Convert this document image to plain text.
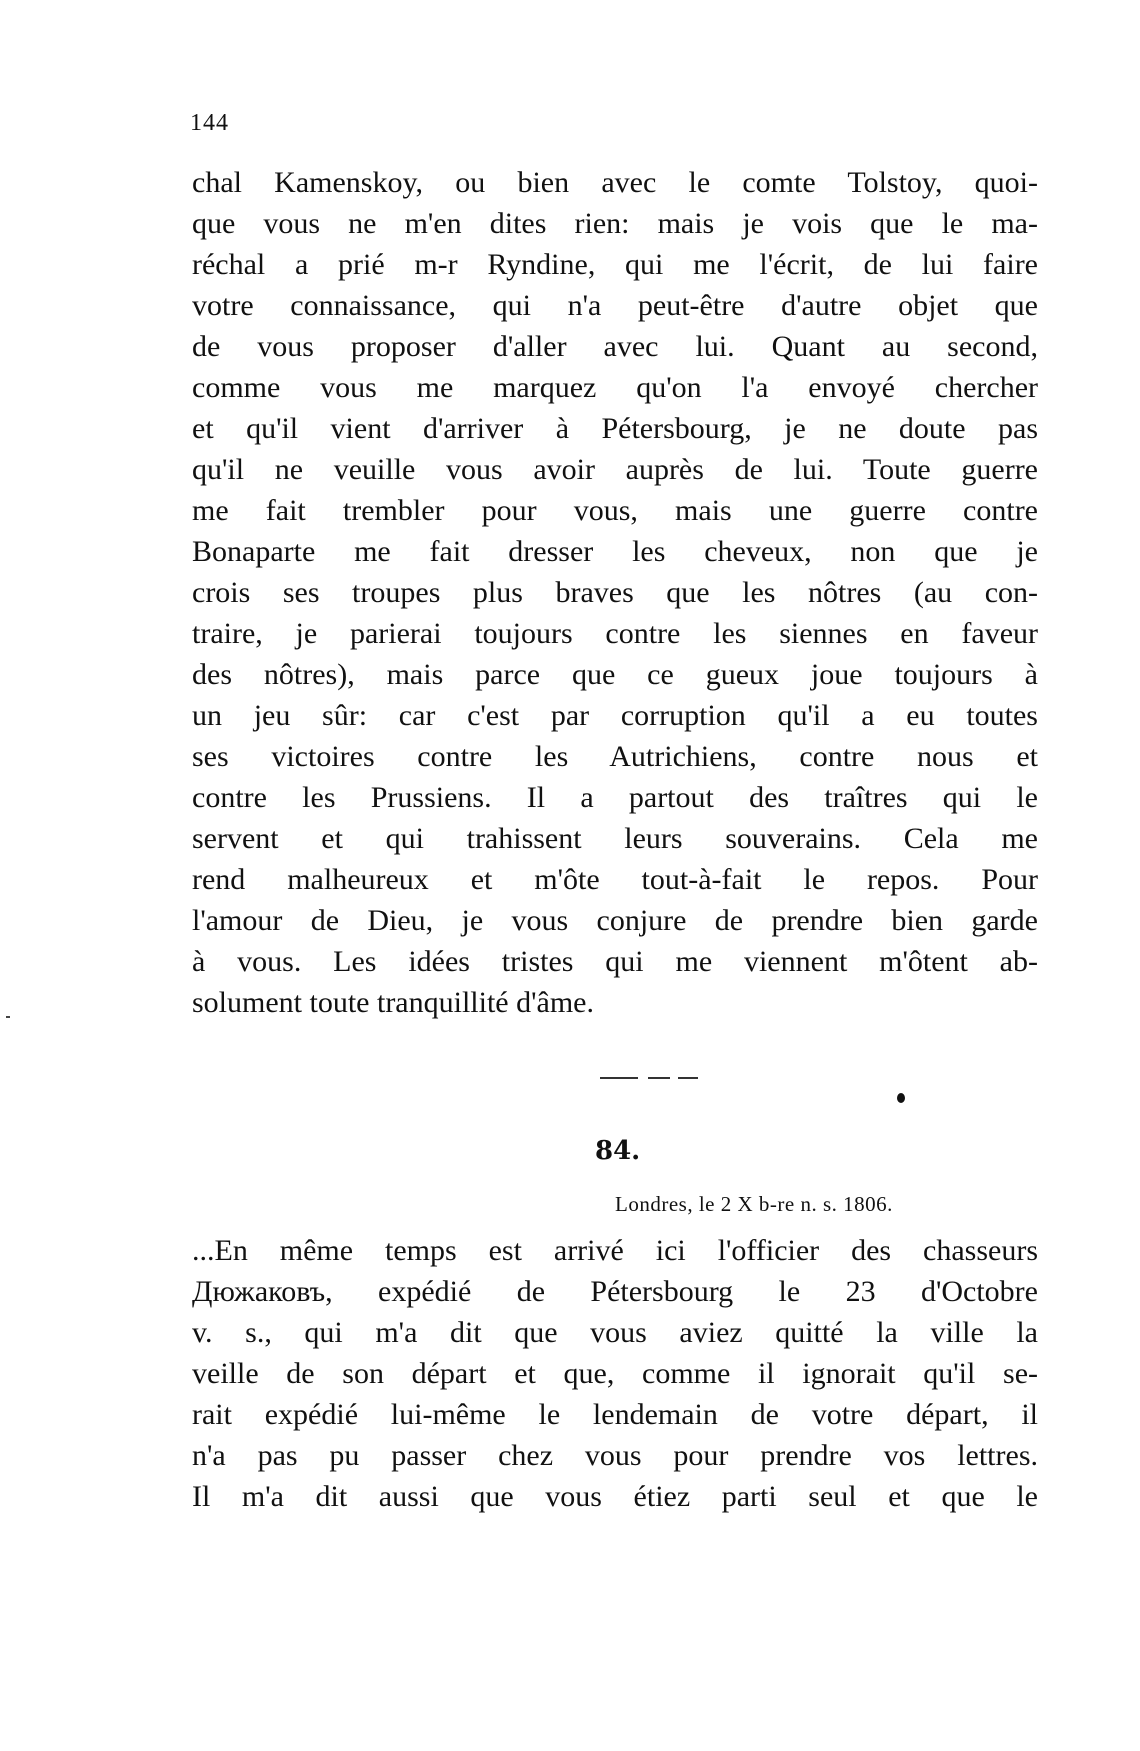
144
chal Kamenskoy, ou bien avec le comte Tolstoy, quoi-
que vous ne m'en dites rien: mais je vois que le ma-
réchal a prié m-r Ryndine, qui me l'écrit, de lui faire
votre connaissance, qui n'a peut-être d'autre objet que
de vous proposer d'aller avec lui. Quant au second,
comme vous me marquez qu'on l'a envoyé chercher
et qu'il vient d'arriver à Pétersbourg, je ne doute pas
qu'il ne veuille vous avoir auprès de lui. Toute guerre
me fait trembler pour vous, mais une guerre contre
Bonaparte me fait dresser les cheveux, non que je
crois ses troupes plus braves que les nôtres (au con-
traire, je parierai toujours contre les siennes en faveur
des nôtres), mais parce que ce gueux joue toujours à
un jeu sûr: car c'est par corruption qu'il a eu toutes
ses victoires contre les Autrichiens, contre nous et
contre les Prussiens. Il a partout des traîtres qui le
servent et qui trahissent leurs souverains. Cela me
rend malheureux et m'ôte tout-à-fait le repos. Pour
l'amour de Dieu, je vous conjure de prendre bien garde
à vous. Les idées tristes qui me viennent m'ôtent ab-
solument toute tranquillité d'âme.
84.
Londres, le 2 X b-re n. s. 1806.
...En même temps est arrivé ici l'officier des chasseurs
Дюжаковъ, expédié de Pétersbourg le 23 d'Octobre
v. s., qui m'a dit que vous aviez quitté la ville la
veille de son départ et que, comme il ignorait qu'il se-
rait expédié lui-même le lendemain de votre départ, il
n'a pas pu passer chez vous pour prendre vos lettres.
Il m'a dit aussi que vous étiez parti seul et que le
